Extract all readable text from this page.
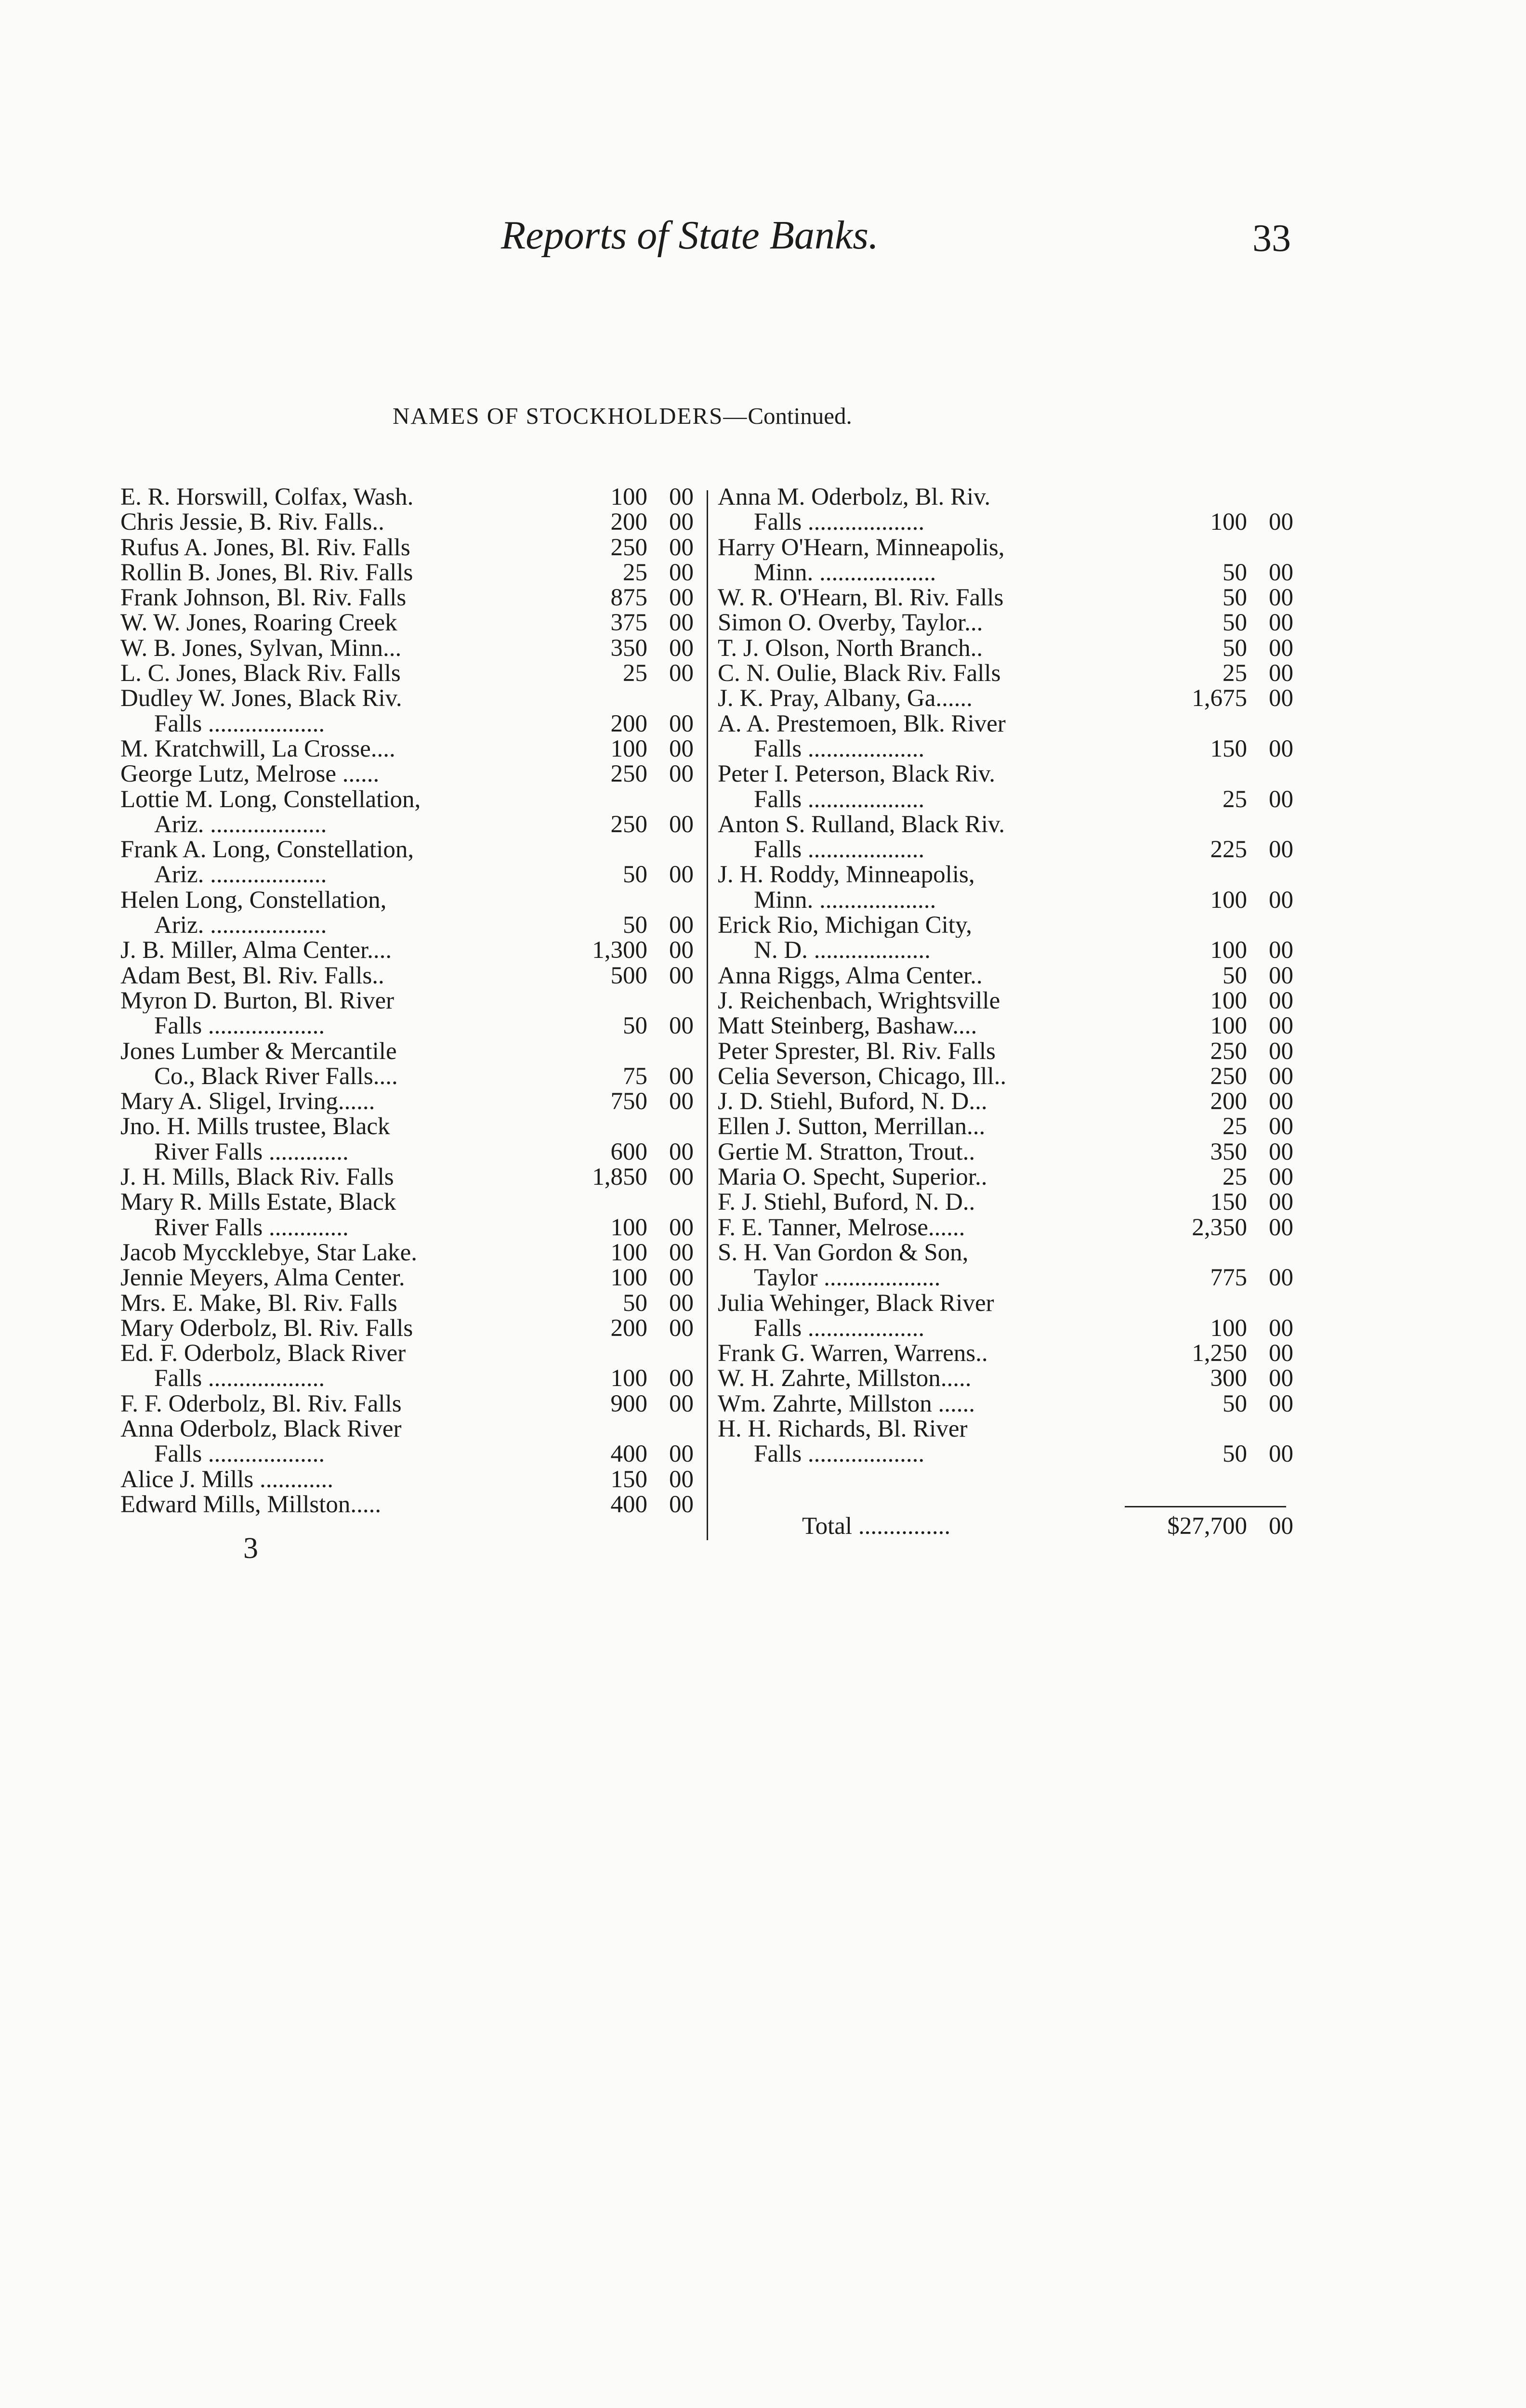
Reports of State Banks.	33
NAMES OF STOCKHOLDERS—Continued.
E. R. Horswill, Colfax, Wash.	100 00
Chris Jessie, B. Riv. Falls..	200 00
Rufus A. Jones, Bl. Riv. Falls	250 00
Rollin B. Jones, Bl. Riv. Falls	25 00
Frank Johnson, Bl. Riv. Falls	875 00
W. W. Jones, Roaring Creek	375 00
W. B. Jones, Sylvan, Minn...	350 00
L. C. Jones, Black Riv. Falls	25 00
Dudley W. Jones, Black Riv.
Falls ...................	200 00
M. Kratchwill, La Crosse....	100 00
George Lutz, Melrose ......	250 00
Lottie M. Long, Constellation,
Ariz. ...................	250 00
Frank A. Long, Constellation,
Ariz. ...................	50 00
Helen Long, Constellation,
Ariz. ...................	50 00
J. B. Miller, Alma Center....	1,300 00
Adam Best, Bl. Riv. Falls..	500 00
Myron D. Burton, Bl. River
Falls ...................	50 00
Jones Lumber & Mercantile
Co., Black River Falls....	75 00
Mary A. Sligel, Irving......	750 00
Jno. H. Mills trustee, Black
River Falls .............	600 00
J. H. Mills, Black Riv. Falls	1,850 00
Mary R. Mills Estate, Black
River Falls .............	100 00
Jacob Myccklebye, Star Lake.	100 00
Jennie Meyers, Alma Center.	100 00
Mrs. E. Make, Bl. Riv. Falls	50 00
Mary Oderbolz, Bl. Riv. Falls	200 00
Ed. F. Oderbolz, Black River
Falls ...................	100 00
F. F. Oderbolz, Bl. Riv. Falls	900 00
Anna Oderbolz, Black River
Falls ...................	400 00
Alice J. Mills ............	150 00
Edward Mills, Millston.....	400 00
Anna M. Oderbolz, Bl. Riv.
Falls ...................	100 00
Harry O'Hearn, Minneapolis,
Minn. ...................	50 00
W. R. O'Hearn, Bl. Riv. Falls	50 00
Simon O. Overby, Taylor...	50 00
T. J. Olson, North Branch..	50 00
C. N. Oulie, Black Riv. Falls	25 00
J. K. Pray, Albany, Ga......	1,675 00
A. A. Prestemoen, Blk. River
Falls ...................	150 00
Peter I. Peterson, Black Riv.
Falls ...................	25 00
Anton S. Rulland, Black Riv.
Falls ...................	225 00
J. H. Roddy, Minneapolis,
Minn. ...................	100 00
Erick Rio, Michigan City,
N. D. ...................	100 00
Anna Riggs, Alma Center..	50 00
J. Reichenbach, Wrightsville	100 00
Matt Steinberg, Bashaw....	100 00
Peter Sprester, Bl. Riv. Falls	250 00
Celia Severson, Chicago, Ill..	250 00
J. D. Stiehl, Buford, N. D...	200 00
Ellen J. Sutton, Merrillan...	25 00
Gertie M. Stratton, Trout..	350 00
Maria O. Specht, Superior..	25 00
F. J. Stiehl, Buford, N. D..	150 00
F. E. Tanner, Melrose......	2,350 00
S. H. Van Gordon & Son,
Taylor ...................	775 00
Julia Wehinger, Black River
Falls ...................	100 00
Frank G. Warren, Warrens..	1,250 00
W. H. Zahrte, Millston.....	300 00
Wm. Zahrte, Millston ......	50 00
H. H. Richards, Bl. River
Falls ...................	50 00
Total ...............	$27,700 00
3
